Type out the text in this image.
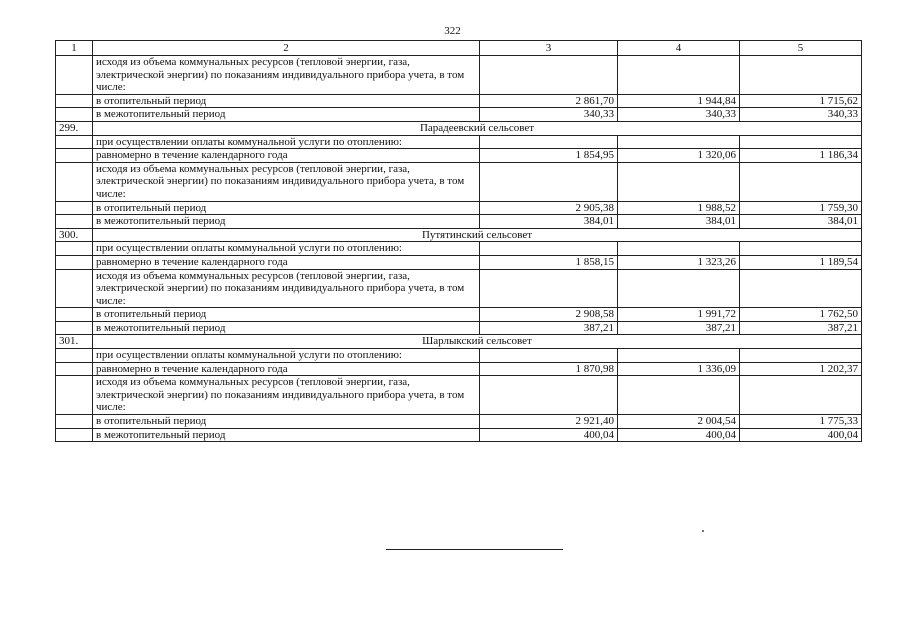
322
1	2	3	4	5
	исходя из объема коммунальных ресурсов (тепловой энергии, газа, электрической энергии) по показаниям индивидуального прибора учета, в том числе:			
	в отопительный период	2 861,70	1 944,84	1 715,62
	в межотопительный период	340,33	340,33	340,33
299.	Парадеевский сельсовет			
	при осуществлении оплаты коммунальной услуги по отоплению:			
	равномерно в течение календарного года	1 854,95	1 320,06	1 186,34
	исходя из объема коммунальных ресурсов (тепловой энергии, газа, электрической энергии) по показаниям индивидуального прибора учета, в том числе:			
	в отопительный период	2 905,38	1 988,52	1 759,30
	в межотопительный период	384,01	384,01	384,01
300.	Путятинский сельсовет			
	при осуществлении оплаты коммунальной услуги по отоплению:			
	равномерно в течение календарного года	1 858,15	1 323,26	1 189,54
	исходя из объема коммунальных ресурсов (тепловой энергии, газа, электрической энергии) по показаниям индивидуального прибора учета, в том числе:			
	в отопительный период	2 908,58	1 991,72	1 762,50
	в межотопительный период	387,21	387,21	387,21
301.	Шарлыкский сельсовет			
	при осуществлении оплаты коммунальной услуги по отоплению:			
	равномерно в течение календарного года	1 870,98	1 336,09	1 202,37
	исходя из объема коммунальных ресурсов (тепловой энергии, газа, электрической энергии) по показаниям индивидуального прибора учета, в том числе:			
	в отопительный период	2 921,40	2 004,54	1 775,33
	в межотопительный период	400,04	400,04	400,04
